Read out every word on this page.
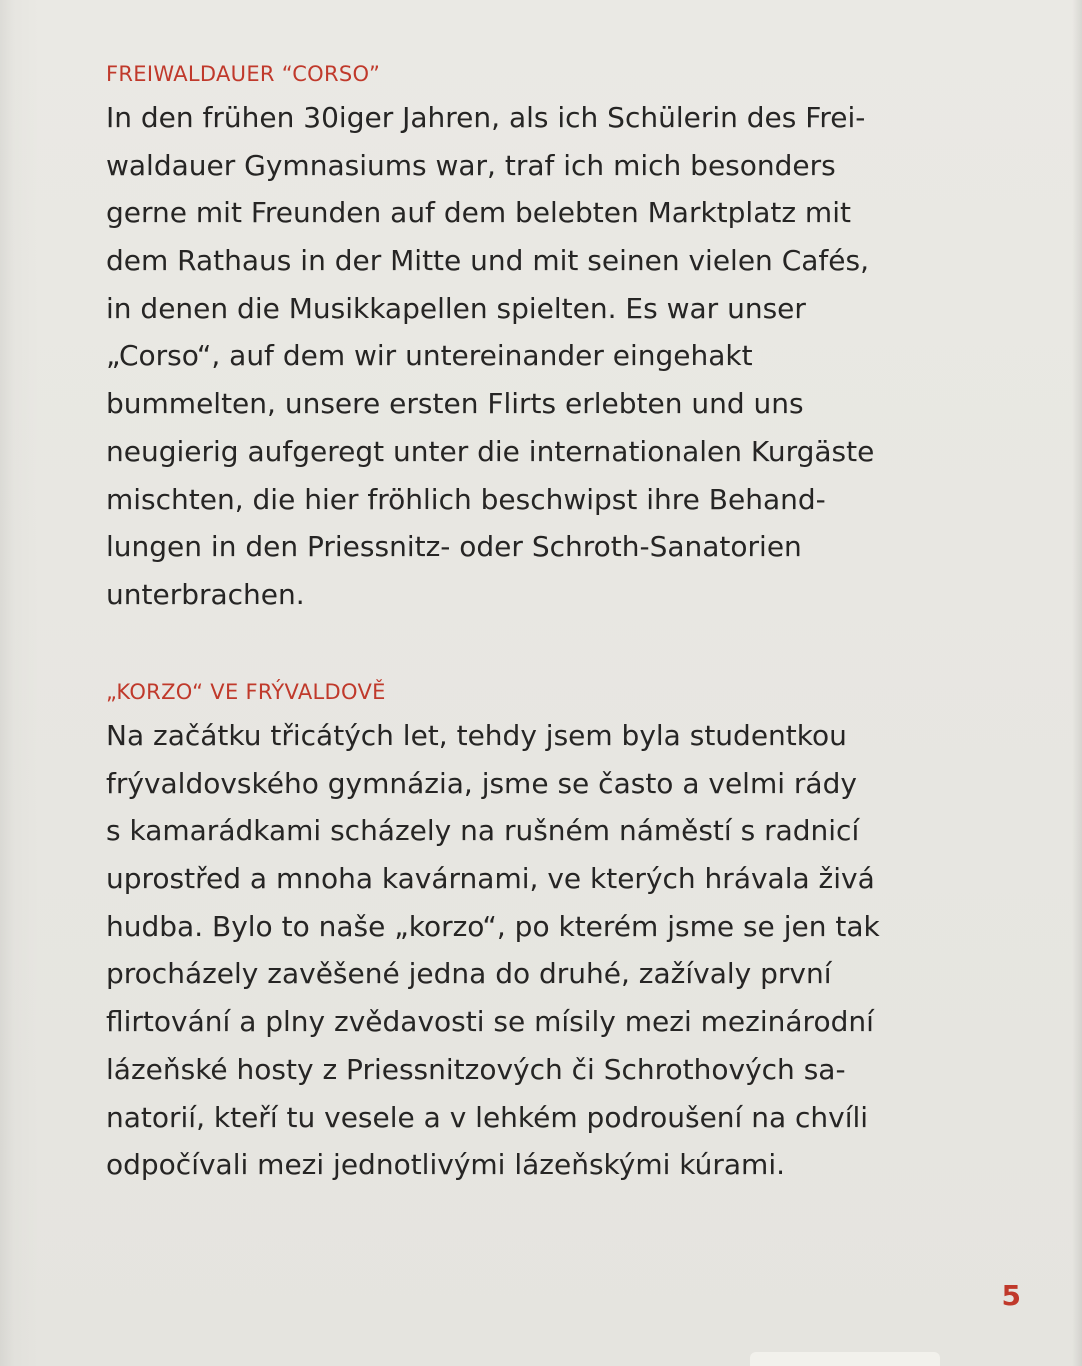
FREIWALDAUER “CORSO”
In den frühen 30iger Jahren, als ich Schülerin des Frei-
waldauer Gymnasiums war, traf ich mich besonders
gerne mit Freunden auf dem belebten Marktplatz mit
dem Rathaus in der Mitte und mit seinen vielen Cafés,
in denen die Musikkapellen spielten. Es war unser
„Corso“, auf dem wir untereinander eingehakt
bummelten, unsere ersten Flirts erlebten und uns
neugierig aufgeregt unter die internationalen Kurgäste
mischten, die hier fröhlich beschwipst ihre Behand-
lungen in den Priessnitz- oder Schroth-Sanatorien
unterbrachen.
„KORZO“ VE FRÝVALDOVĚ
Na začátku třicátých let, tehdy jsem byla studentkou
frývaldovského gymnázia, jsme se často a velmi rády
s kamarádkami scházely na rušném náměstí s radnicí
uprostřed a mnoha kavárnami, ve kterých hrávala živá
hudba. Bylo to naše „korzo“, po kterém jsme se jen tak
procházely zavěšené jedna do druhé, zažívaly první
flirtování a plny zvědavosti se mísily mezi mezinárodní
lázeňské hosty z Priessnitzových či Schrothových sa-
natorií, kteří tu vesele a v lehkém podroušení na chvíli
odpočívali mezi jednotlivými lázeňskými kúrami.
5
